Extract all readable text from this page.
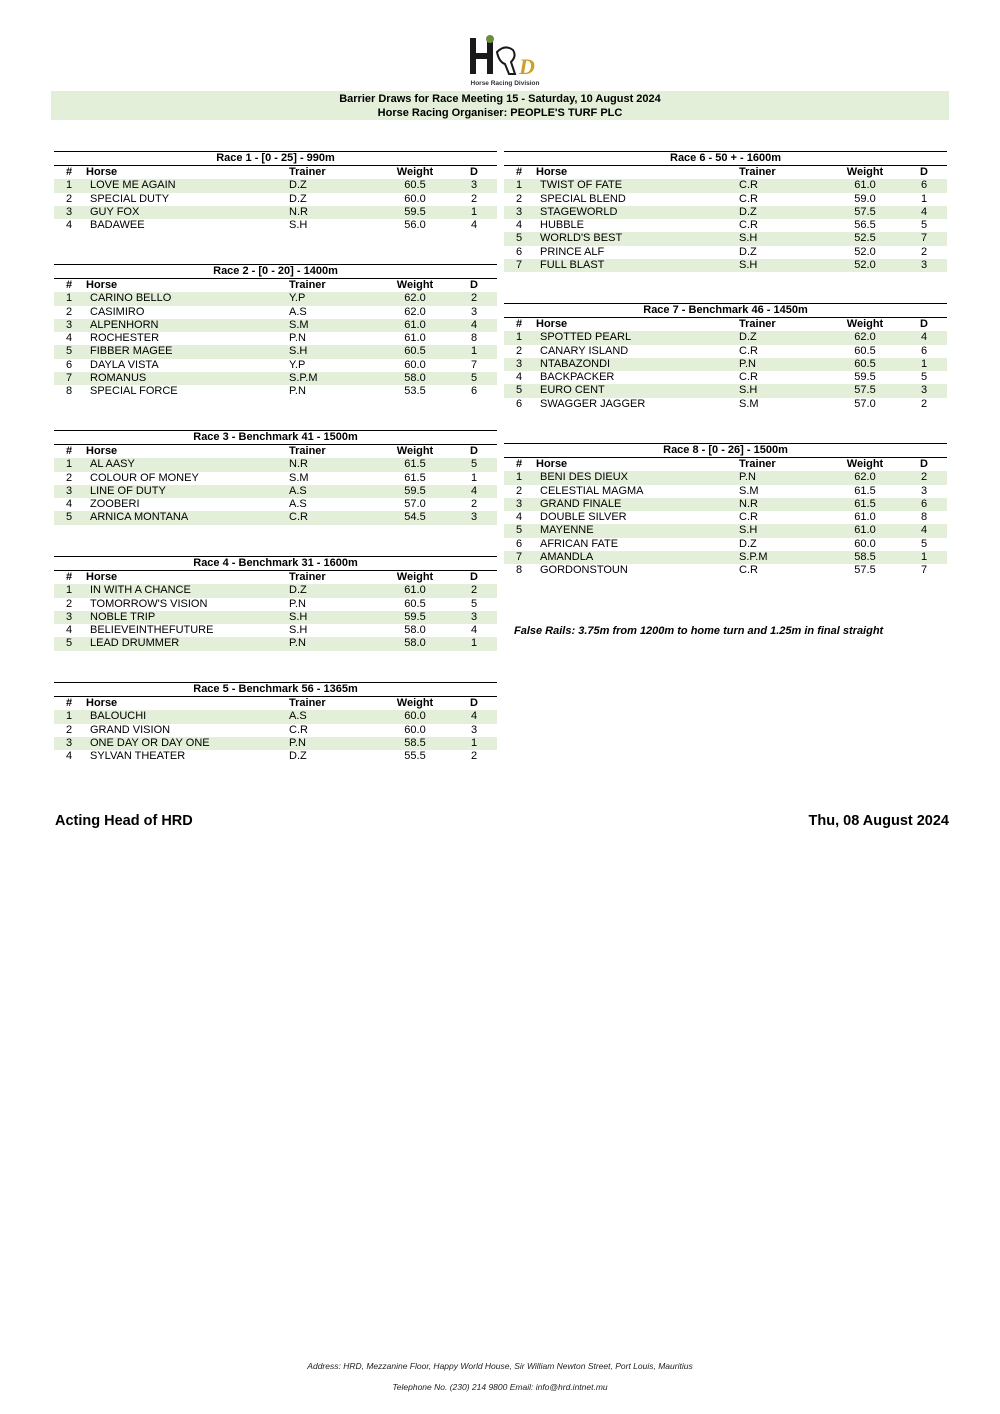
D
Horse Racing Division
Barrier Draws for Race Meeting 15 - Saturday, 10 August 2024
Horse Racing Organiser: PEOPLE'S TURF PLC
Race 1 - [0 - 25] - 990m
#	Horse	Trainer	Weight	D
1	LOVE ME AGAIN	D.Z	60.5	3
2	SPECIAL DUTY	D.Z	60.0	2
3	GUY FOX	N.R	59.5	1
4	BADAWEE	S.H	56.0	4
Race 2 - [0 - 20] - 1400m
#	Horse	Trainer	Weight	D
1	CARINO BELLO	Y.P	62.0	2
2	CASIMIRO	A.S	62.0	3
3	ALPENHORN	S.M	61.0	4
4	ROCHESTER	P.N	61.0	8
5	FIBBER MAGEE	S.H	60.5	1
6	DAYLA VISTA	Y.P	60.0	7
7	ROMANUS	S.P.M	58.0	5
8	SPECIAL FORCE	P.N	53.5	6
Race 3 - Benchmark 41 - 1500m
#	Horse	Trainer	Weight	D
1	AL AASY	N.R	61.5	5
2	COLOUR OF MONEY	S.M	61.5	1
3	LINE OF DUTY	A.S	59.5	4
4	ZOOBERI	A.S	57.0	2
5	ARNICA MONTANA	C.R	54.5	3
Race 4 - Benchmark 31 - 1600m
#	Horse	Trainer	Weight	D
1	IN WITH A CHANCE	D.Z	61.0	2
2	TOMORROW'S VISION	P.N	60.5	5
3	NOBLE TRIP	S.H	59.5	3
4	BELIEVEINTHEFUTURE	S.H	58.0	4
5	LEAD DRUMMER	P.N	58.0	1
Race 5 - Benchmark 56 - 1365m
#	Horse	Trainer	Weight	D
1	BALOUCHI	A.S	60.0	4
2	GRAND VISION	C.R	60.0	3
3	ONE DAY OR DAY ONE	P.N	58.5	1
4	SYLVAN THEATER	D.Z	55.5	2
Race 6 - 50 + - 1600m
#	Horse	Trainer	Weight	D
1	TWIST OF FATE	C.R	61.0	6
2	SPECIAL BLEND	C.R	59.0	1
3	STAGEWORLD	D.Z	57.5	4
4	HUBBLE	C.R	56.5	5
5	WORLD'S BEST	S.H	52.5	7
6	PRINCE ALF	D.Z	52.0	2
7	FULL BLAST	S.H	52.0	3
Race 7 - Benchmark 46 - 1450m
#	Horse	Trainer	Weight	D
1	SPOTTED PEARL	D.Z	62.0	4
2	CANARY ISLAND	C.R	60.5	6
3	NTABAZONDI	P.N	60.5	1
4	BACKPACKER	C.R	59.5	5
5	EURO CENT	S.H	57.5	3
6	SWAGGER JAGGER	S.M	57.0	2
Race 8 - [0 - 26] - 1500m
#	Horse	Trainer	Weight	D
1	BENI DES DIEUX	P.N	62.0	2
2	CELESTIAL MAGMA	S.M	61.5	3
3	GRAND FINALE	N.R	61.5	6
4	DOUBLE SILVER	C.R	61.0	8
5	MAYENNE	S.H	61.0	4
6	AFRICAN FATE	D.Z	60.0	5
7	AMANDLA	S.P.M	58.5	1
8	GORDONSTOUN	C.R	57.5	7
False Rails: 3.75m from 1200m to home turn and 1.25m in final straight
Acting Head of HRD	Thu, 08 August 2024
Address: HRD, Mezzanine Floor, Happy World House, Sir William Newton Street, Port Louis, Mauritius
Telephone No. (230) 214 9800 Email: info@hrd.intnet.mu
